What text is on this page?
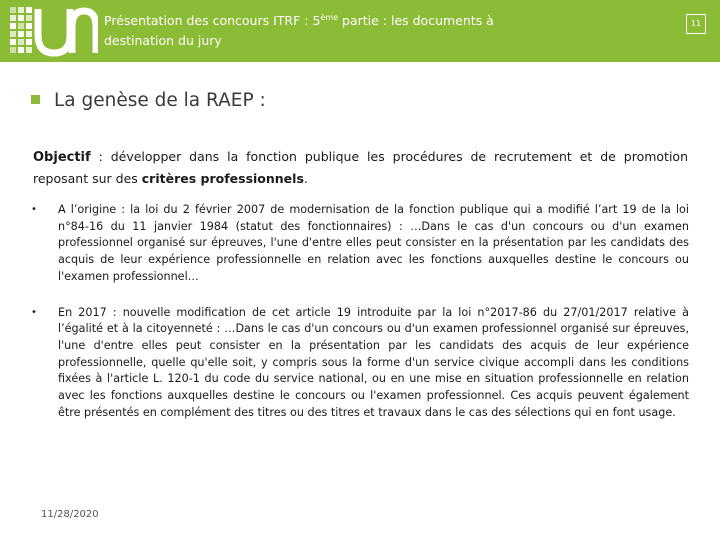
Présentation des concours ITRF : 5ème partie : les documents à destination du jury
11
La genèse de la RAEP :
Objectif : développer dans la fonction publique les procédures de recrutement et de promotion reposant sur des critères professionnels.
• A l’origine : la loi du 2 février 2007 de modernisation de la fonction publique qui a modifié l’art 19 de la loi n°84-16 du 11 janvier 1984 (statut des fonctionnaires) : …Dans le cas d'un concours ou d'un examen professionnel organisé sur épreuves, l'une d'entre elles peut consister en la présentation par les candidats des acquis de leur expérience professionnelle en relation avec les fonctions auxquelles destine le concours ou l'examen professionnel…
• En 2017 : nouvelle modification de cet article 19 introduite par la loi n°2017-86 du 27/01/2017 relative à l’égalité et à la citoyenneté : …Dans le cas d'un concours ou d'un examen professionnel organisé sur épreuves, l'une d'entre elles peut consister en la présentation par les candidats des acquis de leur expérience professionnelle, quelle qu'elle soit, y compris sous la forme d'un service civique accompli dans les conditions fixées à l'article L. 120-1 du code du service national, ou en une mise en situation professionnelle en relation avec les fonctions auxquelles destine le concours ou l'examen professionnel. Ces acquis peuvent également être présentés en complément des titres ou des titres et travaux dans le cas des sélections qui en font usage.
11/28/2020
